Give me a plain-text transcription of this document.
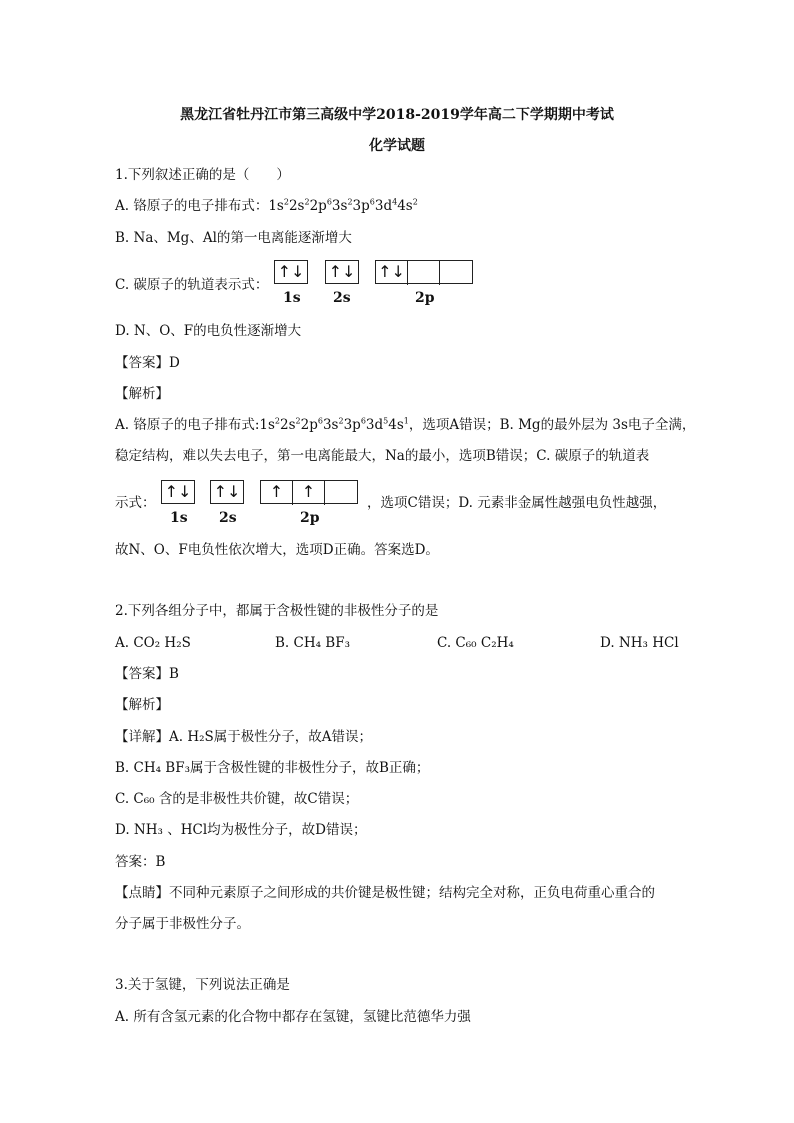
黑龙江省牡丹江市第三高级中学2018-2019学年高二下学期期中考试
化学试题
1.下列叙述正确的是（　　）
A. 铬原子的电子排布式：$1s^22s^22p^63s^23p^63d^44s^2$
B. Na、Mg、Al的第一电离能逐渐增大
C. 碳原子的轨道表示式：
↑↓ ↑↓ ↑↓
1s 2s	2p
D. N、O、F的电负性逐渐增大
【答案】D
【解析】
A. 铬原子的电子排布式$:1s^22s^22p^63s^23p^63d^54s^1$，选项A错误；B. Mg的最外层为 3s电子全满，
稳定结构，难以失去电子，第一电离能最大，Na的最小，选项B错误；C. 碳原子的轨道表
示式：	，选项C错误；D. 元素非金属性越强电负性越强，
↑↓ ↑↓	↑	↑
1s 2s	2p
故N、O、F电负性依次增大，选项D正确。答案选D。
2.下列各组分子中，都属于含极性键的非极性分子的是
A. CO₂ H₂S	B. CH₄ BF₃	C. C₆₀ C₂H₄	D. NH₃ HCl
【答案】B
【解析】
【详解】A. H₂S属于极性分子，故A错误；
B. CH₄ BF₃属于含极性键的非极性分子，故B正确；
C. C₆₀ 含的是非极性共价键，故C错误；
D. NH₃ 、HCl均为极性分子，故D错误；
答案：B
【点睛】不同种元素原子之间形成的共价键是极性键；结构完全对称，正负电荷重心重合的
分子属于非极性分子。
3.关于氢键，下列说法正确是
A. 所有含氢元素的化合物中都存在氢键，氢键比范德华力强
